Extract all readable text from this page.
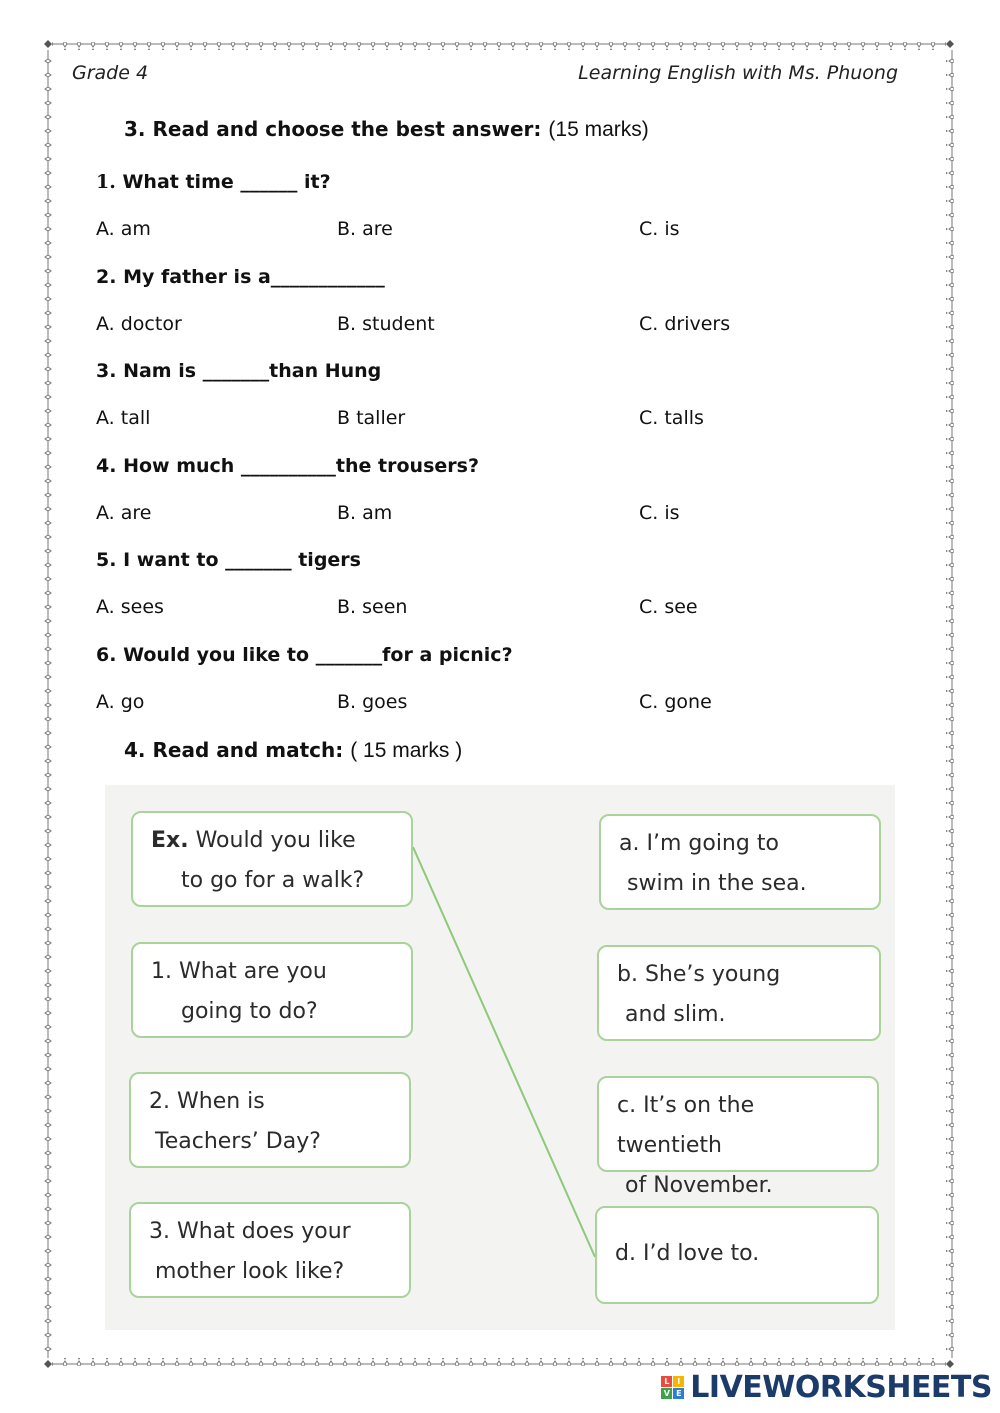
Grade 4	Learning English with Ms. Phuong
3. Read and choose the best answer: (15 marks)
1. What time ______ it?
A. am	B. are	C. is
2. My father is a____________
A. doctor	B. student	C. drivers
3. Nam is _______than Hung
A. tall	B taller	C. talls
4. How much __________the trousers?
A. are	B. am	C. is
5. I want to _______ tigers
A. sees	B. seen	C. see
6. Would you like to _______for a picnic?
A. go	B. goes	C. gone
4. Read and match: ( 15 marks )
Ex. Would you like
to go for a walk?
1. What are you
going to do?
2. When is
Teachers’ Day?
3. What does your
mother look like?
a. I’m going to
swim in the sea.
b. She’s young
and slim.
c. It’s on the twentieth
of November.
d. I’d love to.
L I
V E LIVEWORKSHEETS
